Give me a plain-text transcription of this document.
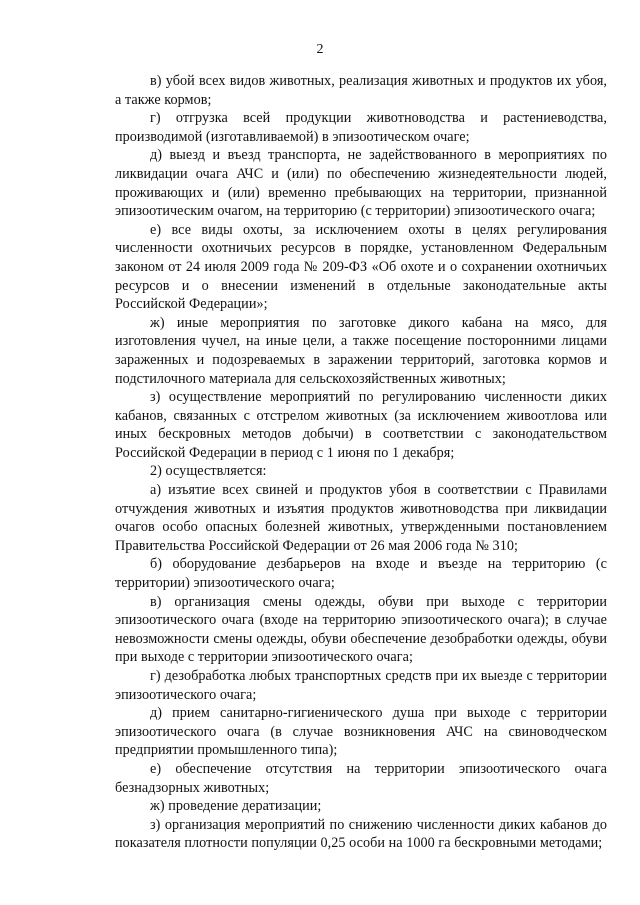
2

в) убой всех видов животных, реализация животных и продуктов их убоя, а также кормов;

г) отгрузка всей продукции животноводства и растениеводства, производимой (изготавливаемой) в эпизоотическом очаге;

д) выезд и въезд транспорта, не задействованного в мероприятиях по ликвидации очага АЧС и (или) по обеспечению жизнедеятельности людей, проживающих и (или) временно пребывающих на территории, признанной эпизоотическим очагом, на территорию (с территории) эпизоотического очага;

е) все виды охоты, за исключением охоты в целях регулирования численности охотничьих ресурсов в порядке, установленном Федеральным законом от 24 июля 2009 года № 209-ФЗ «Об охоте и о сохранении охотничьих ресурсов и о внесении изменений в отдельные законодательные акты Российской Федерации»;

ж) иные мероприятия по заготовке дикого кабана на мясо, для изготовления чучел, на иные цели, а также посещение посторонними лицами зараженных и подозреваемых в заражении территорий, заготовка кормов и подстилочного материала для сельскохозяйственных животных;

з) осуществление мероприятий по регулированию численности диких кабанов, связанных с отстрелом животных (за исключением живоотлова или иных бескровных методов добычи) в соответствии с законодательством Российской Федерации в период с 1 июня по 1 декабря;

2) осуществляется:

а) изъятие всех свиней и продуктов убоя в соответствии с Правилами отчуждения животных и изъятия продуктов животноводства при ликвидации очагов особо опасных болезней животных, утвержденными постановлением Правительства Российской Федерации от 26 мая 2006 года № 310;

б) оборудование дезбарьеров на входе и въезде на территорию (с территории) эпизоотического очага;

в) организация смены одежды, обуви при выходе с территории эпизоотического очага (входе на территорию эпизоотического очага); в случае невозможности смены одежды, обуви обеспечение дезобработки одежды, обуви при выходе с территории эпизоотического очага;

г) дезобработка любых транспортных средств при их выезде с территории эпизоотического очага;

д) прием санитарно-гигиенического душа при выходе с территории эпизоотического очага (в случае возникновения АЧС на свиноводческом предприятии промышленного типа);

е) обеспечение отсутствия на территории эпизоотического очага безнадзорных животных;

ж) проведение дератизации;

з) организация мероприятий по снижению численности диких кабанов до показателя плотности популяции 0,25 особи на 1000 га бескровными методами;
